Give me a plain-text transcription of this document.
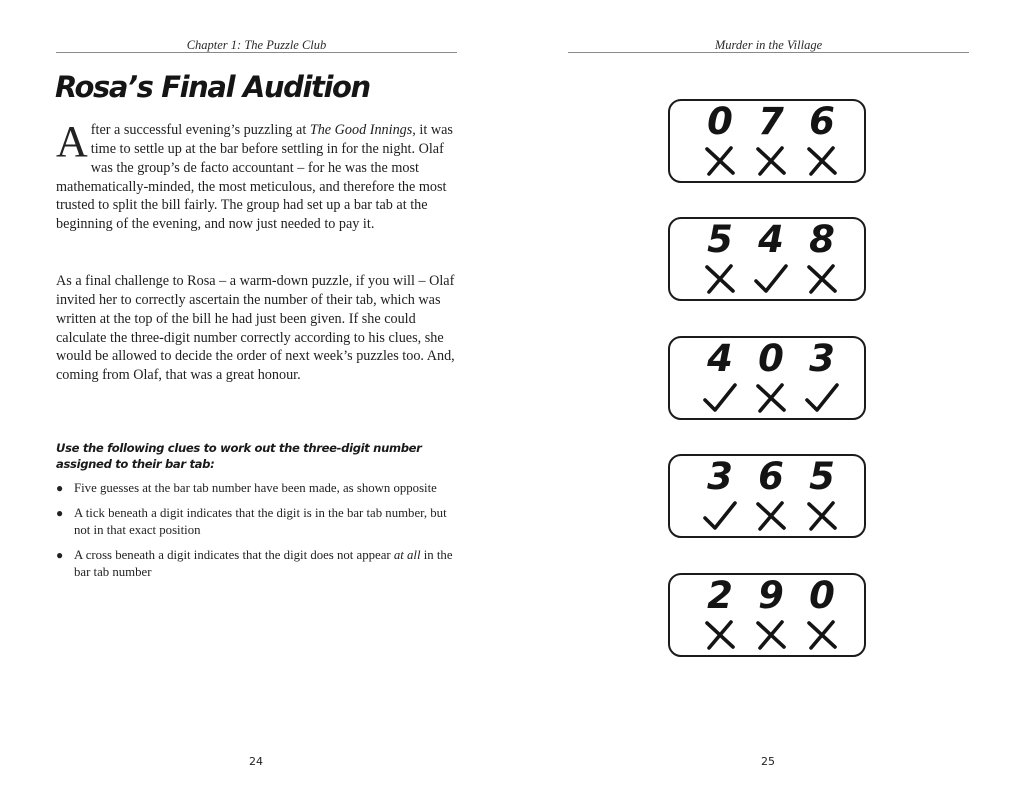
Chapter 1: The Puzzle Club
Rosa’s Final Audition

After a successful evening’s puzzling at The Good Innings, it was time to settle up at the bar before settling in for the night. Olaf was the group’s de facto accountant – for he was the most mathematically-minded, the most meticulous, and therefore the most trusted to split the bill fairly. The group had set up a bar tab at the beginning of the evening, and now just needed to pay it.

As a final challenge to Rosa – a warm-down puzzle, if you will – Olaf invited her to correctly ascertain the number of their tab, which was written at the top of the bill he had just been given. If she could calculate the three-digit number correctly according to his clues, she would be allowed to decide the order of next week’s puzzles too. And, coming from Olaf, that was a great honour.

Use the following clues to work out the three-digit number assigned to their bar tab:
● Five guesses at the bar tab number have been made, as shown opposite
● A tick beneath a digit indicates that the digit is in the bar tab number, but not in that exact position
● A cross beneath a digit indicates that the digit does not appear at all in the bar tab number
24
Murder in the Village
0 7 6
5 4 8
4 0 3
3 6 5
2 9 0
25
